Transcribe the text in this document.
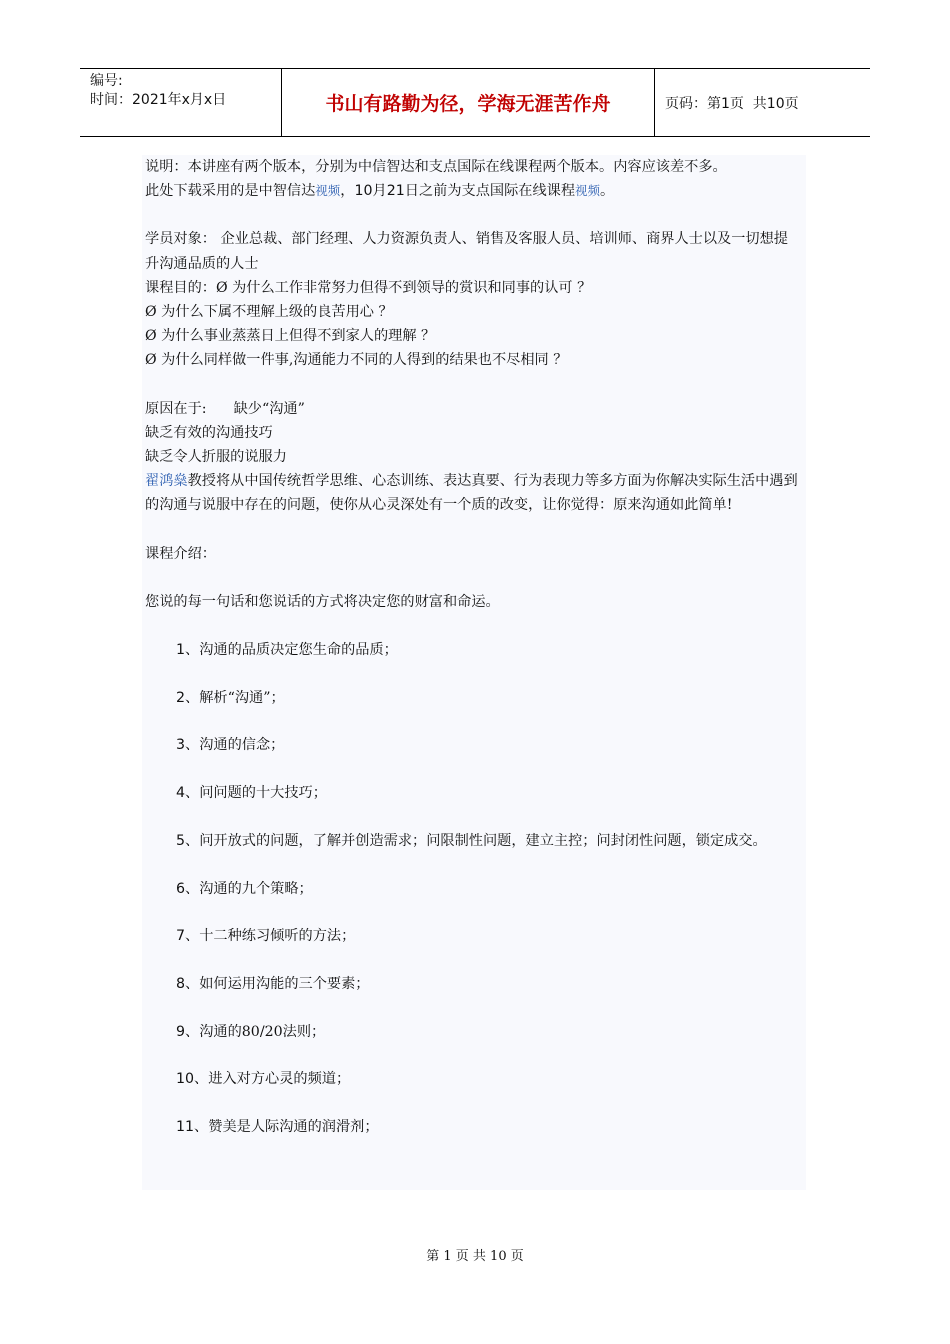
编号:
时间：2021年x月x日	书山有路勤为径，学海无涯苦作舟	页码：第1页  共10页

说明：本讲座有两个版本，分别为中信智达和支点国际在线课程两个版本。内容应该差不多。

此处下载采用的是中智信达视频，10月21日之前为支点国际在线课程视频。

学员对象： 企业总裁、部门经理、人力资源负责人、销售及客服人员、培训师、商界人士以及一切想提升沟通品质的人士

课程目的：Ø 为什么工作非常努力但得不到领导的赏识和同事的认可 ？

Ø 为什么下属不理解上级的良苦用心 ？

Ø 为什么事业蒸蒸日上但得不到家人的理解 ？

Ø 为什么同样做一件事,沟通能力不同的人得到的结果也不尽相同 ？

原因在于:      缺少“沟通”

缺乏有效的沟通技巧

缺乏令人折服的说服力

翟鸿燊教授将从中国传统哲学思维、心态训练、表达真要、行为表现力等多方面为你解决实际生活中遇到的沟通与说服中存在的问题，使你从心灵深处有一个质的改变，让你觉得：原来沟通如此简单!

课程介绍：

您说的每一句话和您说话的方式将决定您的财富和命运。

1、沟通的品质决定您生命的品质；

2、解析“沟通”；

3、沟通的信念；

4、问问题的十大技巧；

5、问开放式的问题，了解并创造需求；问限制性问题，建立主控；问封闭性问题，锁定成交。

6、沟通的九个策略；

7、十二种练习倾听的方法；

8、如何运用沟能的三个要素；

9、沟通的80/20法则；

10、进入对方心灵的频道；

11、赞美是人际沟通的润滑剂；

第 1 页 共 10 页
